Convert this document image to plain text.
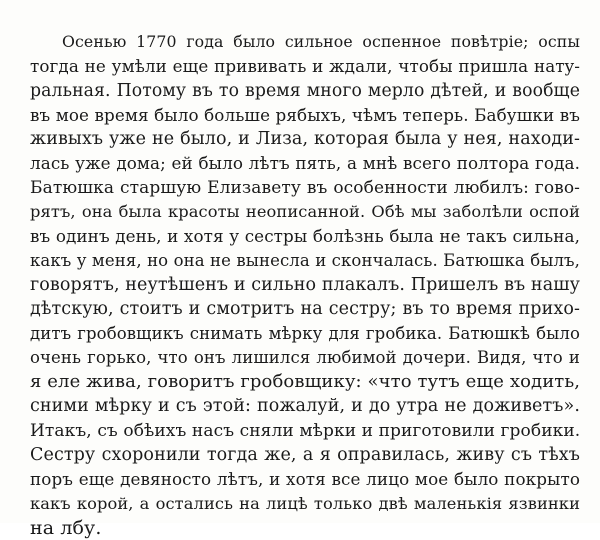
Осенью 1770 года было сильное оспенное повѣтріе; оспы
тогда не умѣли еще прививать и ждали, чтобы пришла натy-
ральная. Потому въ то время много мерло дѣтей, и вообще
въ мое время было больше рябыхъ, чѣмъ теперь. Бабушки въ
живыхъ уже не было, и Лиза, которая была у нея, находи-
лась уже дома; ей было лѣтъ пять, а мнѣ всего полтора года.
Батюшка старшую Елизавету въ особенности любилъ: гово-
рятъ, она была красоты неописанной. Обѣ мы заболѣли оспой
въ одинъ день, и хотя у сестры болѣзнь была не такъ сильна,
какъ у меня, но она не вынесла и скончалась. Батюшка былъ,
говорятъ, неутѣшенъ и сильно плакалъ. Пришелъ въ нашу
дѣтскую, стоитъ и смотритъ на сестру; въ то время прихо-
дитъ гробовщикъ снимать мѣрку для гробика. Батюшкѣ было
очень горько, что онъ лишился любимой дочери. Видя, что и
я еле жива, говоритъ гробовщику: «что тутъ еще ходить,
сними мѣрку и съ этой: пожалуй, и до утра не доживетъ».
Итакъ, съ обѣихъ насъ сняли мѣрки и приготовили гробики.
Сестру схоронили тогда же, а я оправилась, живу съ тѣхъ
поръ еще девяносто лѣтъ, и хотя все лицо мое было покрыто
какъ корой, а остались на лицѣ только двѣ маленькія язвинки
на лбу.
